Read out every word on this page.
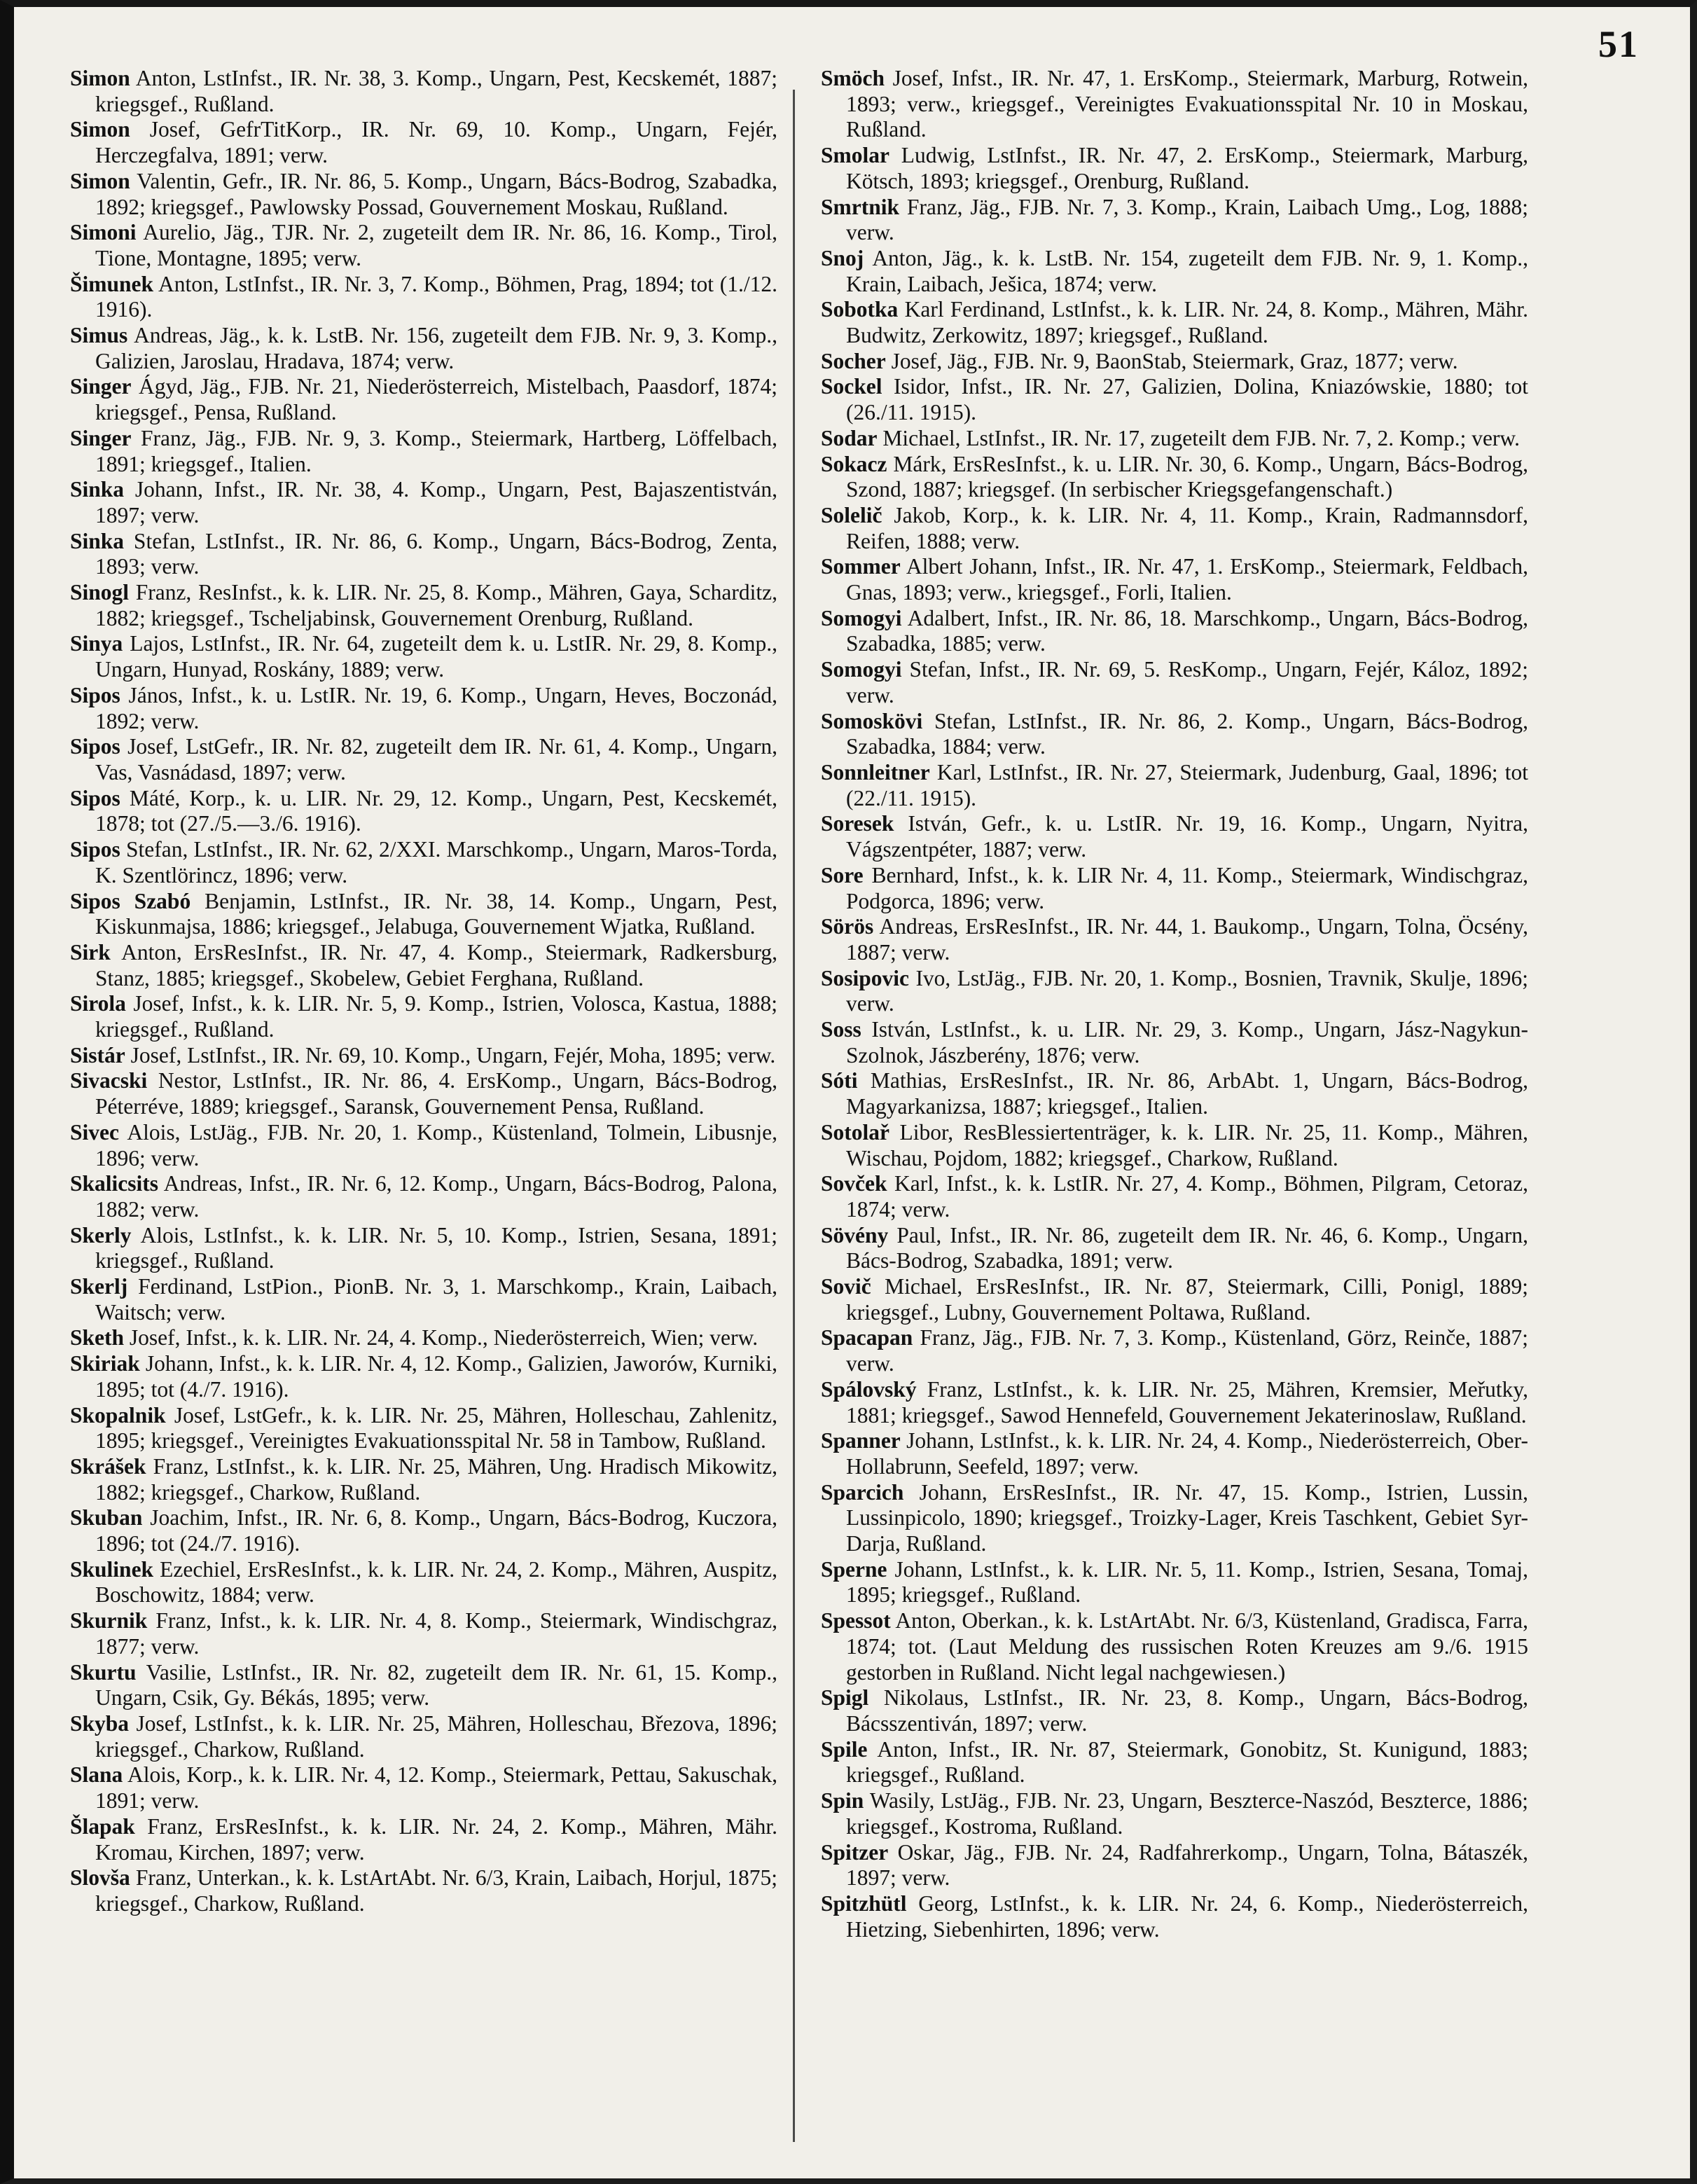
51

Simon Anton, LstInfst., IR. Nr. 38, 3. Komp., Ungarn, Pest, Kecskemét, 1887; kriegsgef., Rußland.

Simon Josef, GefrTitKorp., IR. Nr. 69, 10. Komp., Ungarn, Fejér, Herczegfalva, 1891; verw.

Simon Valentin, Gefr., IR. Nr. 86, 5. Komp., Ungarn, Bács-Bodrog, Szabadka, 1892; kriegsgef., Pawlowsky Possad, Gouvernement Moskau, Rußland.

Simoni Aurelio, Jäg., TJR. Nr. 2, zugeteilt dem IR. Nr. 86, 16. Komp., Tirol, Tione, Montagne, 1895; verw.

Šimunek Anton, LstInfst., IR. Nr. 3, 7. Komp., Böhmen, Prag, 1894; tot (1./12. 1916).

Simus Andreas, Jäg., k. k. LstB. Nr. 156, zugeteilt dem FJB. Nr. 9, 3. Komp., Galizien, Jaroslau, Hradava, 1874; verw.

Singer Ágyd, Jäg., FJB. Nr. 21, Niederösterreich, Mistelbach, Paasdorf, 1874; kriegsgef., Pensa, Rußland.

Singer Franz, Jäg., FJB. Nr. 9, 3. Komp., Steiermark, Hartberg, Löffelbach, 1891; kriegsgef., Italien.

Sinka Johann, Infst., IR. Nr. 38, 4. Komp., Ungarn, Pest, Bajaszentistván, 1897; verw.

Sinka Stefan, LstInfst., IR. Nr. 86, 6. Komp., Ungarn, Bács-Bodrog, Zenta, 1893; verw.

Sinogl Franz, ResInfst., k. k. LIR. Nr. 25, 8. Komp., Mähren, Gaya, Scharditz, 1882; kriegsgef., Tscheljabinsk, Gouvernement Orenburg, Rußland.

Sinya Lajos, LstInfst., IR. Nr. 64, zugeteilt dem k. u. LstIR. Nr. 29, 8. Komp., Ungarn, Hunyad, Roskány, 1889; verw.

Sipos János, Infst., k. u. LstIR. Nr. 19, 6. Komp., Ungarn, Heves, Boczonád, 1892; verw.

Sipos Josef, LstGefr., IR. Nr. 82, zugeteilt dem IR. Nr. 61, 4. Komp., Ungarn, Vas, Vasnádasd, 1897; verw.

Sipos Máté, Korp., k. u. LIR. Nr. 29, 12. Komp., Ungarn, Pest, Kecskemét, 1878; tot (27./5.—3./6. 1916).

Sipos Stefan, LstInfst., IR. Nr. 62, 2/XXI. Marschkomp., Ungarn, Maros-Torda, K. Szentlörincz, 1896; verw.

Sipos Szabó Benjamin, LstInfst., IR. Nr. 38, 14. Komp., Ungarn, Pest, Kiskunmajsa, 1886; kriegsgef., Jelabuga, Gouvernement Wjatka, Rußland.

Sirk Anton, ErsResInfst., IR. Nr. 47, 4. Komp., Steiermark, Radkersburg, Stanz, 1885; kriegsgef., Skobelew, Gebiet Ferghana, Rußland.

Sirola Josef, Infst., k. k. LIR. Nr. 5, 9. Komp., Istrien, Volosca, Kastua, 1888; kriegsgef., Rußland.

Sistár Josef, LstInfst., IR. Nr. 69, 10. Komp., Ungarn, Fejér, Moha, 1895; verw.

Sivacski Nestor, LstInfst., IR. Nr. 86, 4. ErsKomp., Ungarn, Bács-Bodrog, Péterréve, 1889; kriegsgef., Saransk, Gouvernement Pensa, Rußland.

Sivec Alois, LstJäg., FJB. Nr. 20, 1. Komp., Küstenland, Tolmein, Libusnje, 1896; verw.

Skalicsits Andreas, Infst., IR. Nr. 6, 12. Komp., Ungarn, Bács-Bodrog, Palona, 1882; verw.

Skerly Alois, LstInfst., k. k. LIR. Nr. 5, 10. Komp., Istrien, Sesana, 1891; kriegsgef., Rußland.

Skerlj Ferdinand, LstPion., PionB. Nr. 3, 1. Marschkomp., Krain, Laibach, Waitsch; verw.

Sketh Josef, Infst., k. k. LIR. Nr. 24, 4. Komp., Niederösterreich, Wien; verw.

Skiriak Johann, Infst., k. k. LIR. Nr. 4, 12. Komp., Galizien, Jaworów, Kurniki, 1895; tot (4./7. 1916).

Skopalnik Josef, LstGefr., k. k. LIR. Nr. 25, Mähren, Holleschau, Zahlenitz, 1895; kriegsgef., Vereinigtes Evakuationsspital Nr. 58 in Tambow, Rußland.

Skrášek Franz, LstInfst., k. k. LIR. Nr. 25, Mähren, Ung. Hradisch Mikowitz, 1882; kriegsgef., Charkow, Rußland.

Skuban Joachim, Infst., IR. Nr. 6, 8. Komp., Ungarn, Bács-Bodrog, Kuczora, 1896; tot (24./7. 1916).

Skulinek Ezechiel, ErsResInfst., k. k. LIR. Nr. 24, 2. Komp., Mähren, Auspitz, Boschowitz, 1884; verw.

Skurnik Franz, Infst., k. k. LIR. Nr. 4, 8. Komp., Steiermark, Windischgraz, 1877; verw.

Skurtu Vasilie, LstInfst., IR. Nr. 82, zugeteilt dem IR. Nr. 61, 15. Komp., Ungarn, Csik, Gy. Békás, 1895; verw.

Skyba Josef, LstInfst., k. k. LIR. Nr. 25, Mähren, Holleschau, Březova, 1896; kriegsgef., Charkow, Rußland.

Slana Alois, Korp., k. k. LIR. Nr. 4, 12. Komp., Steiermark, Pettau, Sakuschak, 1891; verw.

Šlapak Franz, ErsResInfst., k. k. LIR. Nr. 24, 2. Komp., Mähren, Mähr. Kromau, Kirchen, 1897; verw.

Slovša Franz, Unterkan., k. k. LstArtAbt. Nr. 6/3, Krain, Laibach, Horjul, 1875; kriegsgef., Charkow, Rußland.

Smöch Josef, Infst., IR. Nr. 47, 1. ErsKomp., Steiermark, Marburg, Rotwein, 1893; verw., kriegsgef., Vereinigtes Evakuationsspital Nr. 10 in Moskau, Rußland.

Smolar Ludwig, LstInfst., IR. Nr. 47, 2. ErsKomp., Steiermark, Marburg, Kötsch, 1893; kriegsgef., Orenburg, Rußland.

Smrtnik Franz, Jäg., FJB. Nr. 7, 3. Komp., Krain, Laibach Umg., Log, 1888; verw.

Snoj Anton, Jäg., k. k. LstB. Nr. 154, zugeteilt dem FJB. Nr. 9, 1. Komp., Krain, Laibach, Ješica, 1874; verw.

Sobotka Karl Ferdinand, LstInfst., k. k. LIR. Nr. 24, 8. Komp., Mähren, Mähr. Budwitz, Zerkowitz, 1897; kriegsgef., Rußland.

Socher Josef, Jäg., FJB. Nr. 9, BaonStab, Steiermark, Graz, 1877; verw.

Sockel Isidor, Infst., IR. Nr. 27, Galizien, Dolina, Kniazówskie, 1880; tot (26./11. 1915).

Sodar Michael, LstInfst., IR. Nr. 17, zugeteilt dem FJB. Nr. 7, 2. Komp.; verw.

Sokacz Márk, ErsResInfst., k. u. LIR. Nr. 30, 6. Komp., Ungarn, Bács-Bodrog, Szond, 1887; kriegsgef. (In serbischer Kriegsgefangenschaft.)

Solelič Jakob, Korp., k. k. LIR. Nr. 4, 11. Komp., Krain, Radmannsdorf, Reifen, 1888; verw.

Sommer Albert Johann, Infst., IR. Nr. 47, 1. ErsKomp., Steiermark, Feldbach, Gnas, 1893; verw., kriegsgef., Forli, Italien.

Somogyi Adalbert, Infst., IR. Nr. 86, 18. Marschkomp., Ungarn, Bács-Bodrog, Szabadka, 1885; verw.

Somogyi Stefan, Infst., IR. Nr. 69, 5. ResKomp., Ungarn, Fejér, Káloz, 1892; verw.

Somoskövi Stefan, LstInfst., IR. Nr. 86, 2. Komp., Ungarn, Bács-Bodrog, Szabadka, 1884; verw.

Sonnleitner Karl, LstInfst., IR. Nr. 27, Steiermark, Judenburg, Gaal, 1896; tot (22./11. 1915).

Soresek István, Gefr., k. u. LstIR. Nr. 19, 16. Komp., Ungarn, Nyitra, Vágszentpéter, 1887; verw.

Sore Bernhard, Infst., k. k. LIR Nr. 4, 11. Komp., Steiermark, Windischgraz, Podgorca, 1896; verw.

Sörös Andreas, ErsResInfst., IR. Nr. 44, 1. Baukomp., Ungarn, Tolna, Öcsény, 1887; verw.

Sosipovic Ivo, LstJäg., FJB. Nr. 20, 1. Komp., Bosnien, Travnik, Skulje, 1896; verw.

Soss István, LstInfst., k. u. LIR. Nr. 29, 3. Komp., Ungarn, Jász-Nagykun-Szolnok, Jászberény, 1876; verw.

Sóti Mathias, ErsResInfst., IR. Nr. 86, ArbAbt. 1, Ungarn, Bács-Bodrog, Magyarkanizsa, 1887; kriegsgef., Italien.

Sotolař Libor, ResBlessiertenträger, k. k. LIR. Nr. 25, 11. Komp., Mähren, Wischau, Pojdom, 1882; kriegsgef., Charkow, Rußland.

Sovček Karl, Infst., k. k. LstIR. Nr. 27, 4. Komp., Böhmen, Pilgram, Cetoraz, 1874; verw.

Sövény Paul, Infst., IR. Nr. 86, zugeteilt dem IR. Nr. 46, 6. Komp., Ungarn, Bács-Bodrog, Szabadka, 1891; verw.

Sovič Michael, ErsResInfst., IR. Nr. 87, Steiermark, Cilli, Ponigl, 1889; kriegsgef., Lubny, Gouvernement Poltawa, Rußland.

Spacapan Franz, Jäg., FJB. Nr. 7, 3. Komp., Küstenland, Görz, Reinče, 1887; verw.

Spálovský Franz, LstInfst., k. k. LIR. Nr. 25, Mähren, Kremsier, Meřutky, 1881; kriegsgef., Sawod Hennefeld, Gouvernement Jekaterinoslaw, Rußland.

Spanner Johann, LstInfst., k. k. LIR. Nr. 24, 4. Komp., Niederösterreich, Ober-Hollabrunn, Seefeld, 1897; verw.

Sparcich Johann, ErsResInfst., IR. Nr. 47, 15. Komp., Istrien, Lussin, Lussinpicolo, 1890; kriegsgef., Troizky-Lager, Kreis Taschkent, Gebiet Syr-Darja, Rußland.

Sperne Johann, LstInfst., k. k. LIR. Nr. 5, 11. Komp., Istrien, Sesana, Tomaj, 1895; kriegsgef., Rußland.

Spessot Anton, Oberkan., k. k. LstArtAbt. Nr. 6/3, Küstenland, Gradisca, Farra, 1874; tot. (Laut Meldung des russischen Roten Kreuzes am 9./6. 1915 gestorben in Rußland. Nicht legal nachgewiesen.)

Spigl Nikolaus, LstInfst., IR. Nr. 23, 8. Komp., Ungarn, Bács-Bodrog, Bácsszentiván, 1897; verw.

Spile Anton, Infst., IR. Nr. 87, Steiermark, Gonobitz, St. Kunigund, 1883; kriegsgef., Rußland.

Spin Wasily, LstJäg., FJB. Nr. 23, Ungarn, Beszterce-Naszód, Beszterce, 1886; kriegsgef., Kostroma, Rußland.

Spitzer Oskar, Jäg., FJB. Nr. 24, Radfahrerkomp., Ungarn, Tolna, Bátaszék, 1897; verw.

Spitzhütl Georg, LstInfst., k. k. LIR. Nr. 24, 6. Komp., Niederösterreich, Hietzing, Siebenhirten, 1896; verw.
